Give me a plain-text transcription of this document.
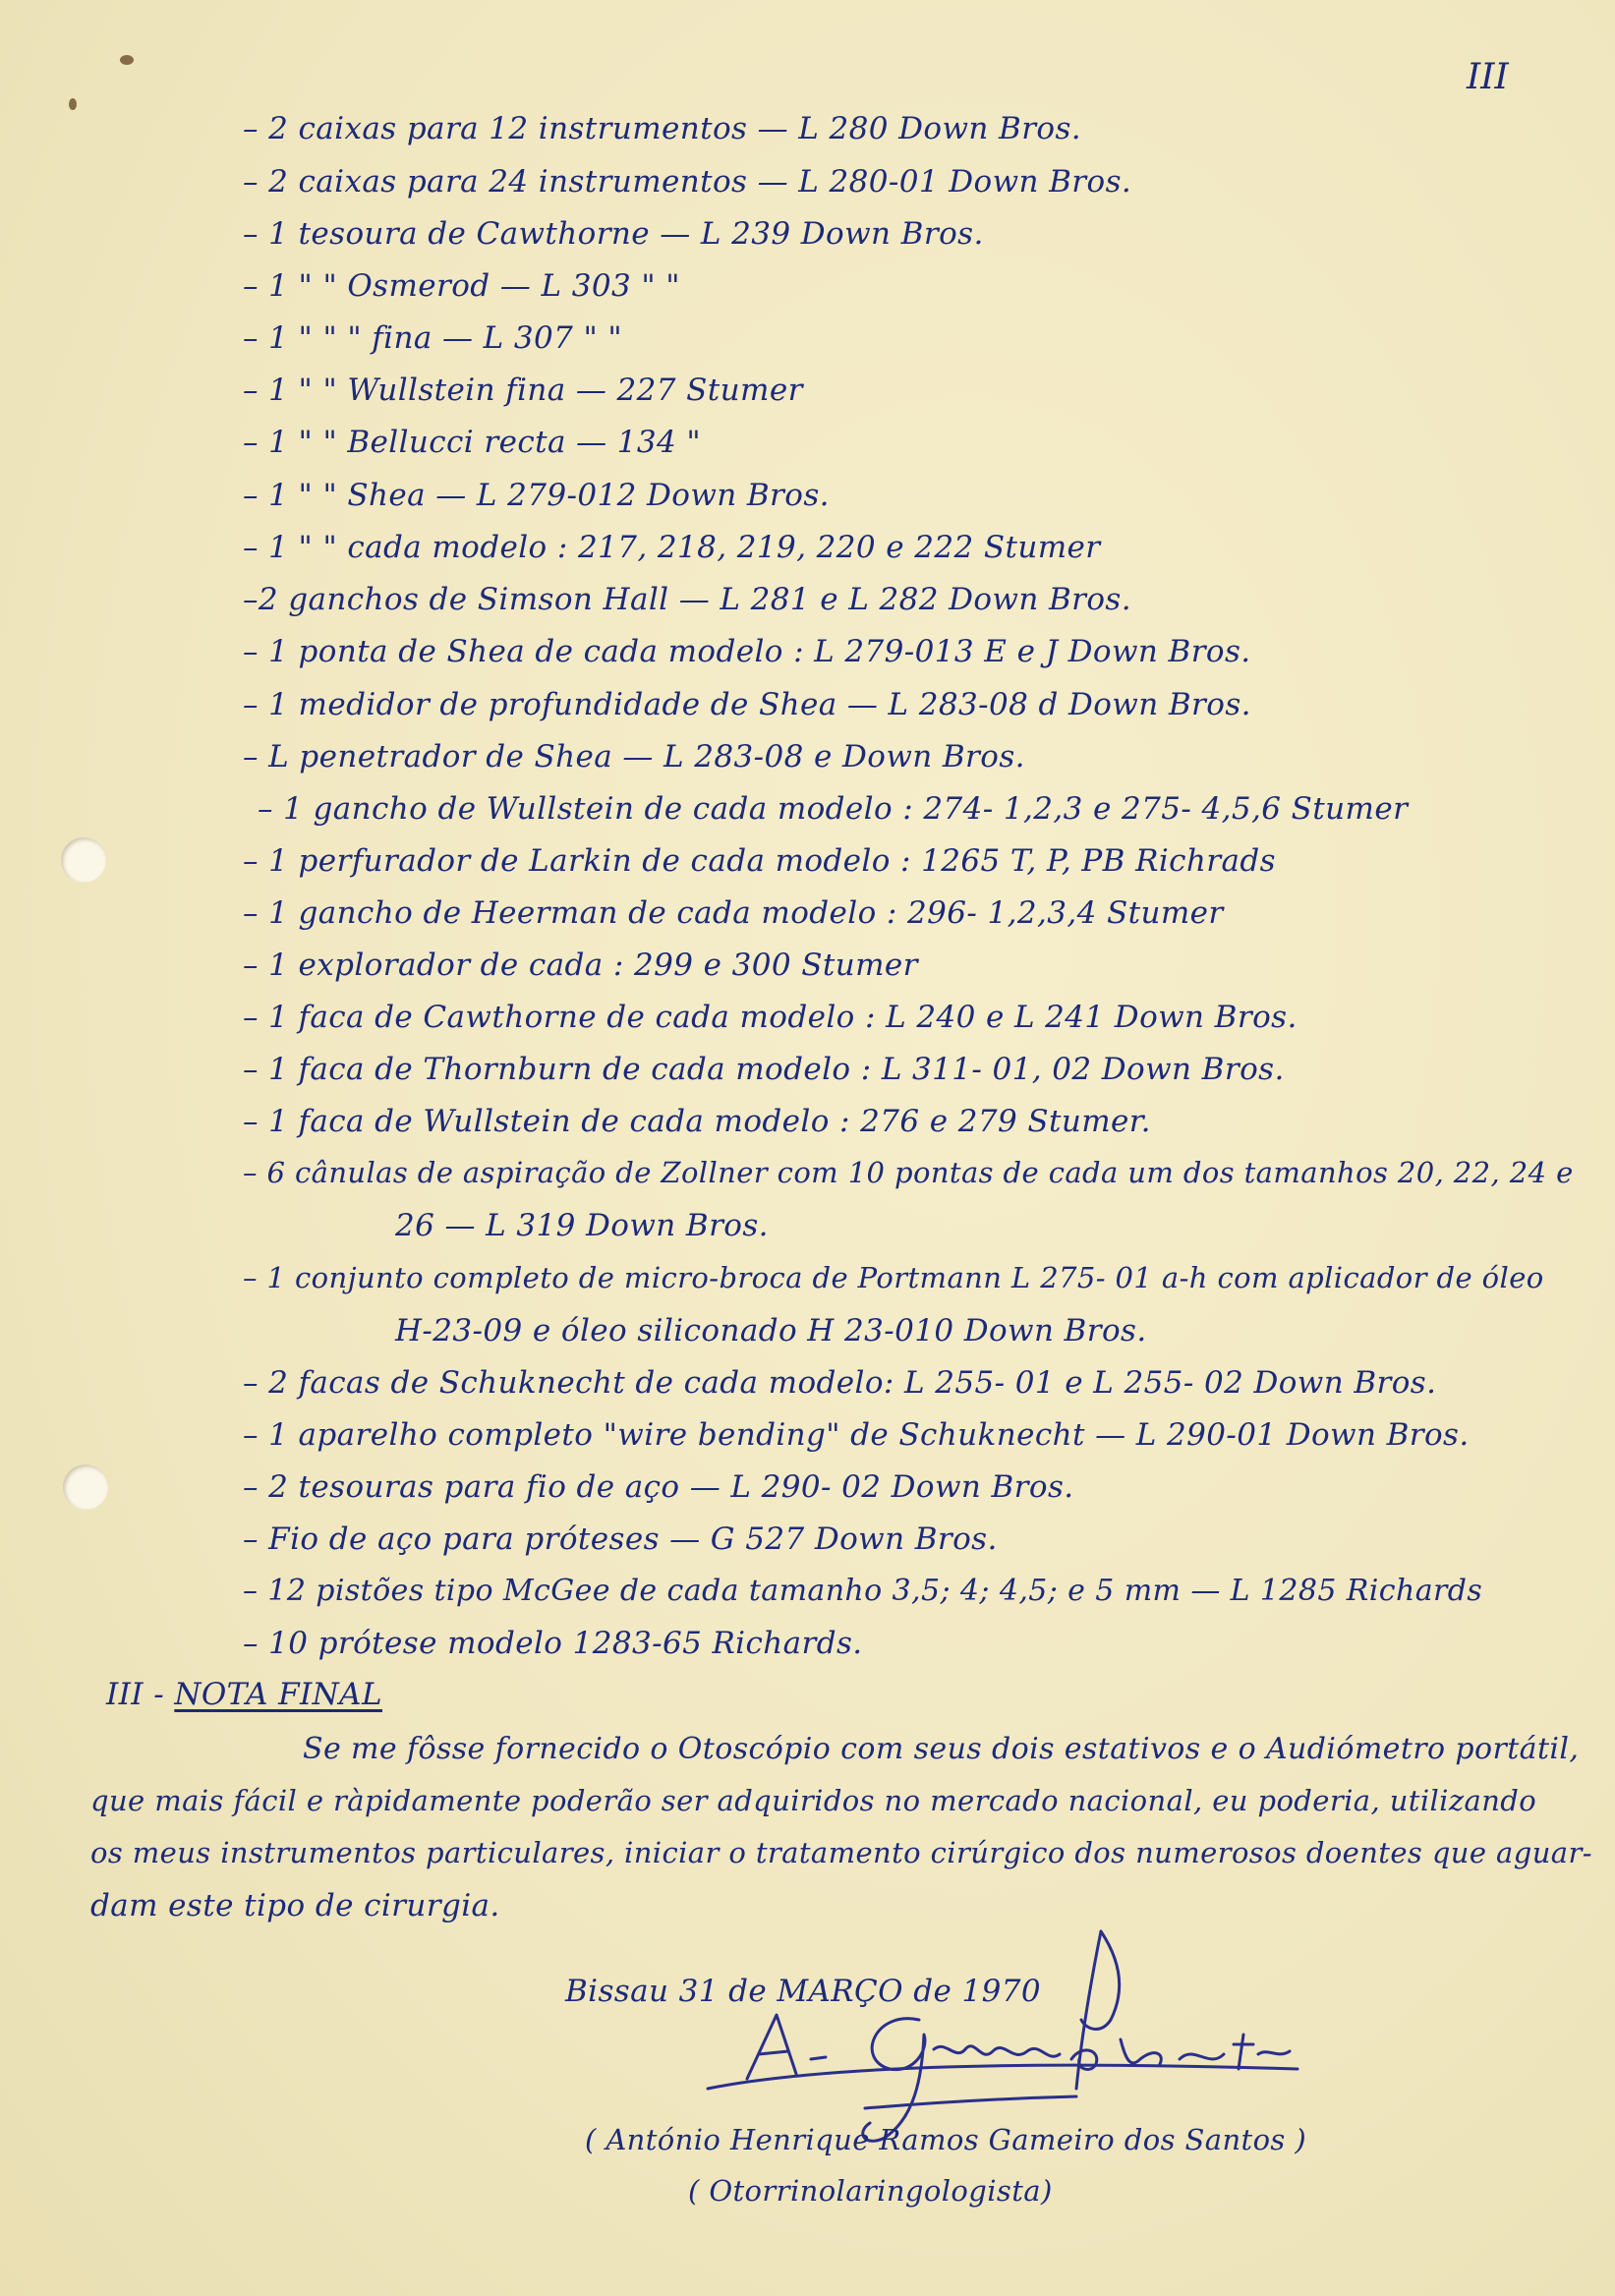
III
– 2 caixas para 12 instrumentos — L 280 Down Bros.
– 2 caixas para 24 instrumentos — L 280-01 Down Bros.
– 1 tesoura de Cawthorne — L 239 Down Bros.
– 1 " " Osmerod — L 303 " "
– 1 " " " fina — L 307 " "
– 1 " " Wullstein fina — 227 Stumer
– 1 " " Bellucci recta — 134 "
– 1 " " Shea — L 279-012 Down Bros.
– 1 " " cada modelo : 217, 218, 219, 220 e 222 Stumer
–2 ganchos de Simson Hall — L 281 e L 282 Down Bros.
– 1 ponta de Shea de cada modelo : L 279-013 E e J Down Bros.
– 1 medidor de profundidade de Shea — L 283-08 d Down Bros.
– L penetrador de Shea — L 283-08 e Down Bros.
– 1 gancho de Wullstein de cada modelo : 274- 1,2,3 e 275- 4,5,6 Stumer
– 1 perfurador de Larkin de cada modelo : 1265 T, P, PB Richrads
– 1 gancho de Heerman de cada modelo : 296- 1,2,3,4 Stumer
– 1 explorador de cada : 299 e 300 Stumer
– 1 faca de Cawthorne de cada modelo : L 240 e L 241 Down Bros.
– 1 faca de Thornburn de cada modelo : L 311- 01, 02 Down Bros.
– 1 faca de Wullstein de cada modelo : 276 e 279 Stumer.
– 6 cânulas de aspiração de Zollner com 10 pontas de cada um dos tamanhos 20, 22, 24 e
26 — L 319 Down Bros.
– 1 conjunto completo de micro-broca de Portmann L 275- 01 a-h com aplicador de óleo
H-23-09 e óleo siliconado H 23-010 Down Bros.
– 2 facas de Schuknecht de cada modelo: L 255- 01 e L 255- 02 Down Bros.
– 1 aparelho completo "wire bending" de Schuknecht — L 290-01 Down Bros.
– 2 tesouras para fio de aço — L 290- 02 Down Bros.
– Fio de aço para próteses — G 527 Down Bros.
– 12 pistões tipo McGee de cada tamanho 3,5; 4; 4,5; e 5 mm — L 1285 Richards
– 10 prótese modelo 1283-65 Richards.
III - NOTA FINAL
Se me fôsse fornecido o Otoscópio com seus dois estativos e o Audiómetro portátil,
que mais fácil e ràpidamente poderão ser adquiridos no mercado nacional, eu poderia, utilizando
os meus instrumentos particulares, iniciar o tratamento cirúrgico dos numerosos doentes que aguar-
dam este tipo de cirurgia.
Bissau 31 de MARÇO de 1970
( António Henrique Ramos Gameiro dos Santos )
( Otorrinolaringologista)
